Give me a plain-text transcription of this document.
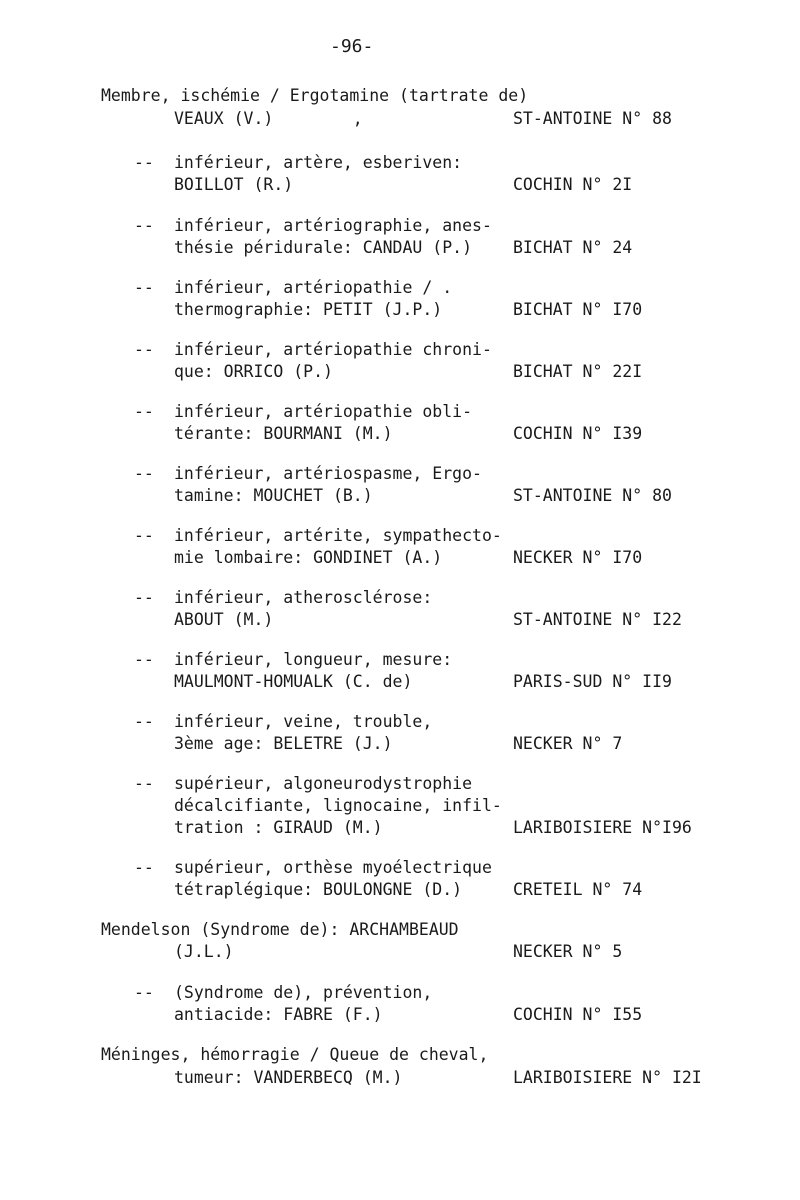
-96-
Membre, ischémie / Ergotamine (tartrate de)
VEAUX (V.)        ,	ST-ANTOINE N° 88
-- inférieur, artère, esberiven:
BOILLOT (R.)	COCHIN N° 2I
-- inférieur, artériographie, anes-
thésie péridurale: CANDAU (P.) BICHAT N° 24
-- inférieur, artériopathie / .
thermographie: PETIT (J.P.)	BICHAT N° I70
-- inférieur, artériopathie chroni-
que: ORRICO (P.)	BICHAT N° 22I
-- inférieur, artériopathie obli-
térante: BOURMANI (M.)	COCHIN N° I39
-- inférieur, artériospasme, Ergo-
tamine: MOUCHET (B.)	ST-ANTOINE N° 80
-- inférieur, artérite, sympathecto-
mie lombaire: GONDINET (A.)	NECKER N° I70
-- inférieur, atherosclérose:
ABOUT (M.)	ST-ANTOINE N° I22
-- inférieur, longueur, mesure:
MAULMONT-HOMUALK (C. de)	PARIS-SUD N° II9
-- inférieur, veine, trouble,
3ème age: BELETRE (J.)	NECKER N° 7
-- supérieur, algoneurodystrophie
décalcifiante, lignocaine, infil-
tration : GIRAUD (M.)	LARIBOISIERE N°I96
-- supérieur, orthèse myoélectrique
tétraplégique: BOULONGNE (D.)	CRETEIL N° 74
Mendelson (Syndrome de): ARCHAMBEAUD
(J.L.)	NECKER N° 5
-- (Syndrome de), prévention,
antiacide: FABRE (F.)	COCHIN N° I55
Méninges, hémorragie / Queue de cheval,
tumeur: VANDERBECQ (M.)	LARIBOISIERE N° I2I
